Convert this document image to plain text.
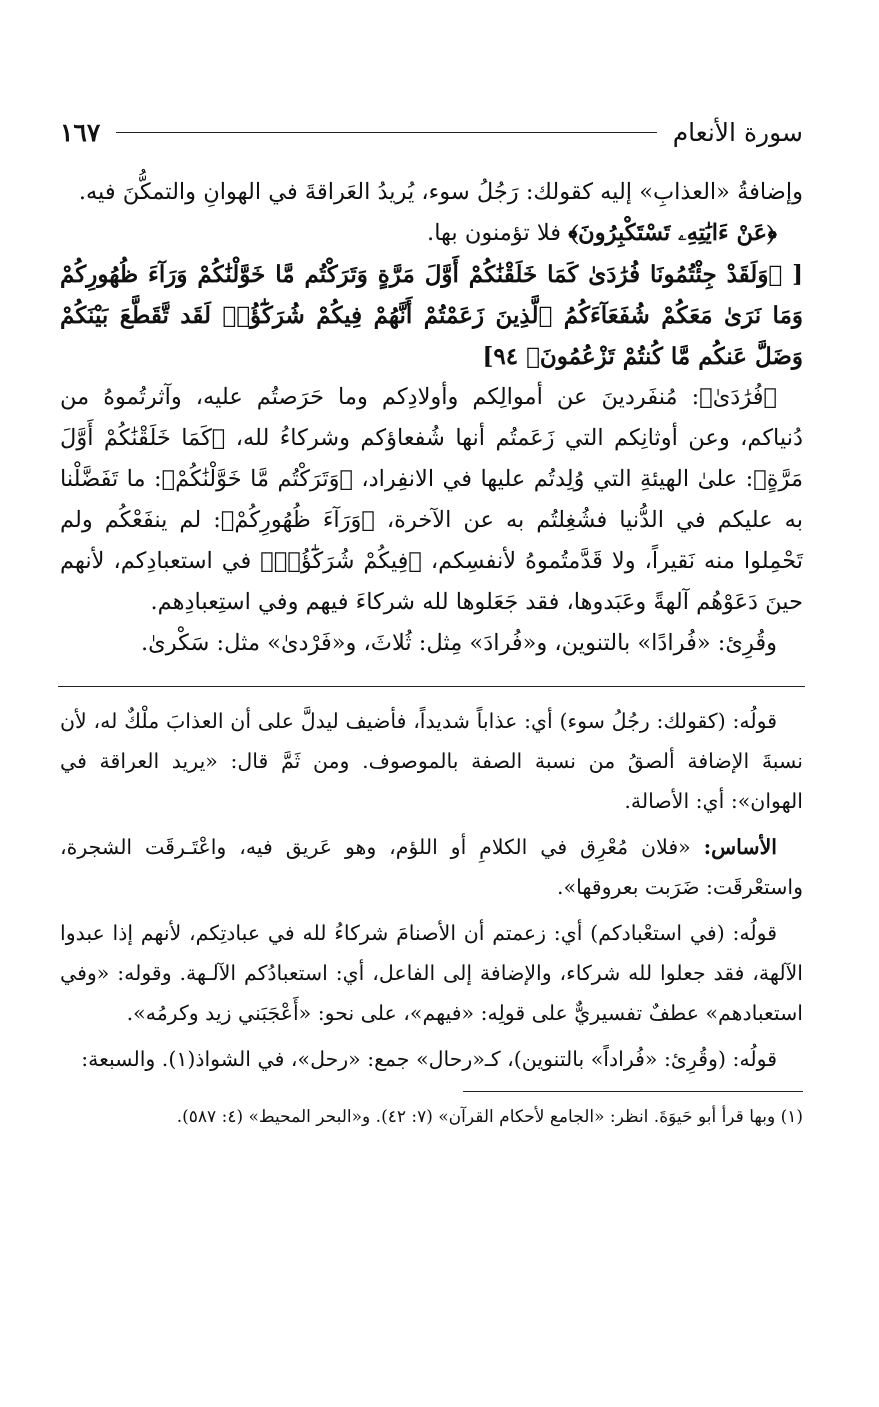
سورة الأنعام
١٦٧

وإضافةُ «العذابِ» إليه كقولك: رَجُلُ سوء، يُريدُ العَراقةَ في الهوانِ والتمكُّنَ فيه.

﴿عَنْ ءَايَٰتِهِۦ تَسْتَكْبِرُونَ﴾ فلا تؤمنون بها.

[ ﴿وَلَقَدْ جِئْتُمُونَا فُرَٰدَىٰ كَمَا خَلَقْنَٰكُمْ أَوَّلَ مَرَّةٍ وَتَرَكْتُم مَّا خَوَّلْنَٰكُمْ وَرَآءَ ظُهُورِكُمْ وَمَا نَرَىٰ مَعَكُمْ شُفَعَآءَكُمُ ٱلَّذِينَ زَعَمْتُمْ أَنَّهُمْ فِيكُمْ شُرَكَٰٓؤُا۟ لَقَد تَّقَطَّعَ بَيْنَكُمْ وَضَلَّ عَنكُم مَّا كُنتُمْ تَزْعُمُونَ﴾ ٩٤]

﴿فُرَٰدَىٰ﴾: مُنفَردينَ عن أموالِكم وأولادِكم وما حَرَصتُم عليه، وآثرتُموهُ من دُنياكم، وعن أوثانِكم التي زَعَمتُم أنها شُفعاؤكم وشركاءُ لله، ﴿كَمَا خَلَقْنَٰكُمْ أَوَّلَ مَرَّةٍ﴾: علىٰ الهيئةِ التي وُلِدتُم عليها في الانفِراد، ﴿وَتَرَكْتُم مَّا خَوَّلْنَٰكُمْ﴾: ما تَفَضَّلْنا به عليكم في الدُّنيا فشُغِلتُم به عن الآخرة، ﴿وَرَآءَ ظُهُورِكُمْ﴾: لم ينفَعْكُم ولم تَحْمِلوا منه نَقيراً، ولا قَدَّمتُموهُ لأنفسِكم، ﴿فِيكُمْ شُرَكَٰٓؤُا۟﴾ في استعبادِكم، لأنهم حينَ دَعَوْهُم آلهةً وعَبَدوها، فقد جَعَلوها لله شركاءَ فيهم وفي استِعبادِهم.

وقُرِئ: «فُرادًا» بالتنوين، و«فُرادَ» مِثل: ثُلاثَ، و«فَرْدىٰ» مثل: سَكْرىٰ.

قولُه: (كقولك: رجُلُ سوء) أي: عذاباً شديداً، فأضيف ليدلَّ على أن العذابَ ملْكٌ له، لأن نسبةَ الإضافة ألصقُ من نسبة الصفة بالموصوف. ومن ثَمَّ قال: «يريد العراقة في الهوان»: أي: الأصالة.

الأساس: «فلان مُعْرِق في الكلامِ أو اللؤم، وهو عَريق فيه، واعْتَـرقَت الشجرة، واستعْرقَت: ضَرَبت بعروقها».

قولُه: (في استعْبادكم) أي: زعمتم أن الأصنامَ شركاءُ لله في عبادتِكم، لأنهم إذا عبدوا الآلهة، فقد جعلوا لله شركاء، والإضافة إلى الفاعل، أي: استعبادُكم الآلـهة. وقوله: «وفي استعبادهم» عطفٌ تفسيريٌّ على قولِه: «فيهم»، على نحو: «أَعْجَبَني زيد وكرمُه».

قولُه: (وقُرِئ: «فُراداً» بالتنوين)، كـ«رحال» جمع: «رحل»، في الشواذ(١). والسبعة:

(١) وبها قرأ أبو حَيوَةَ. انظر: «الجامع لأحكام القرآن» (٧: ٤٢). و«البحر المحيط» (٤: ٥٨٧).
